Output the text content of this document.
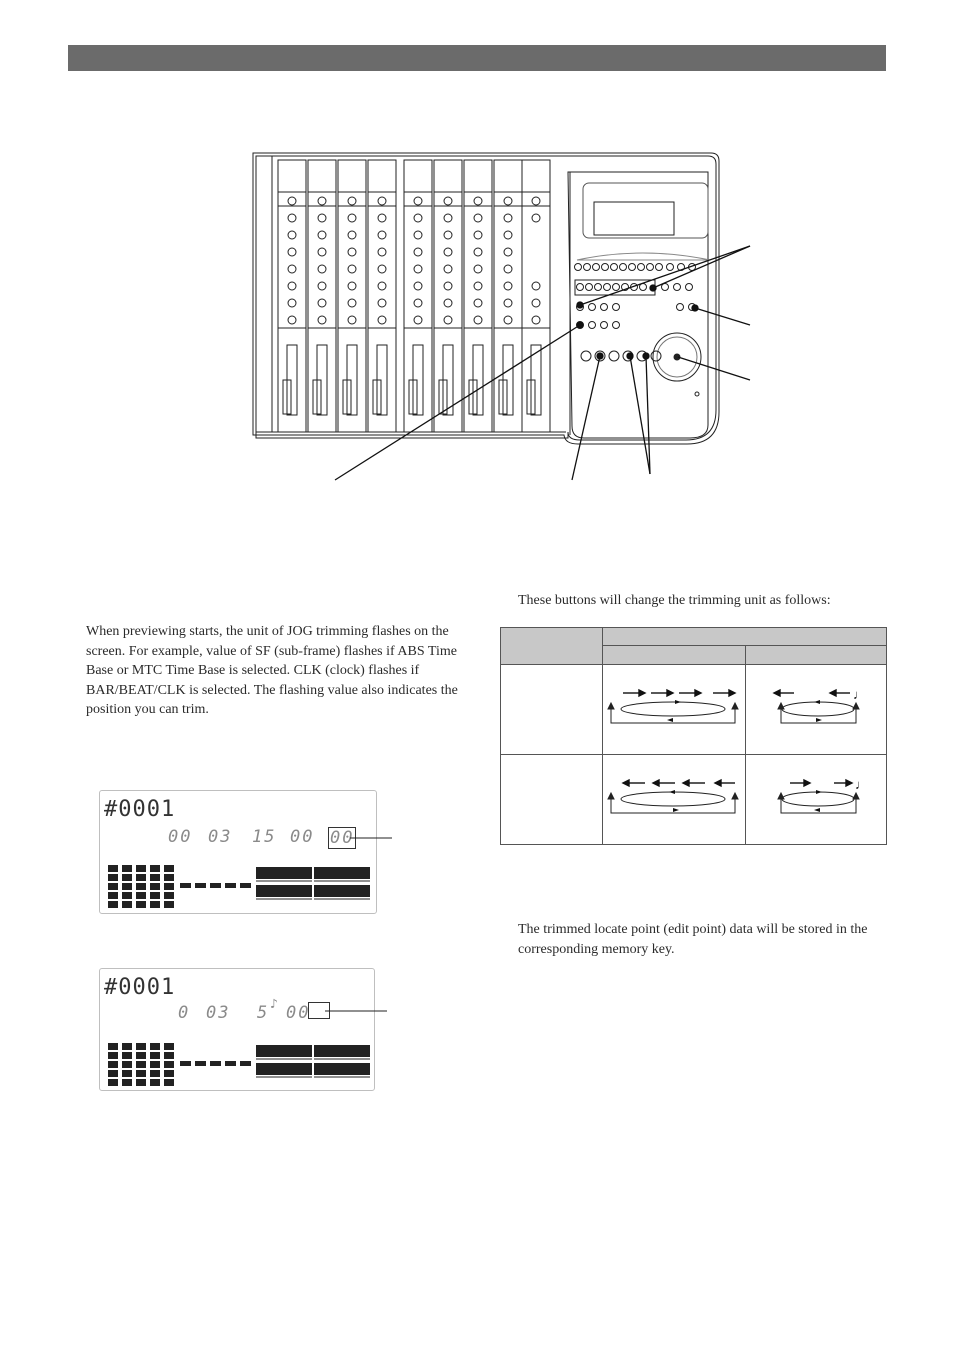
These buttons will change the trimming unit as follows:
When previewing starts, the unit of JOG trimming flashes on the screen. For example, value of SF (sub-frame) flashes if ABS Time Base or MTC Time Base is selected. CLK (clock) flashes if BAR/BEAT/CLK is selected. The flashing value also indicates the position you can trim.
The trimmed locate point (edit point) data will be stored in the corresponding memory key.
#0001
00 03 15 00 00
#0001
0 03 5 ♪ 00

♩

♩
